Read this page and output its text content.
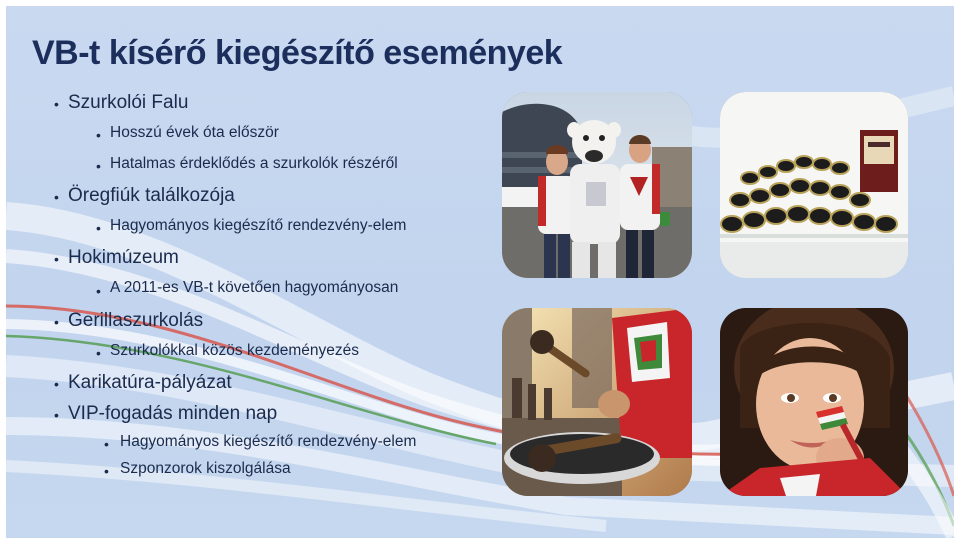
VB-t kísérő kiegészítő események
• Szurkolói Falu
• Hosszú évek óta először
• Hatalmas érdeklődés a szurkolók részéről
• Öregfiúk találkozója
• Hagyományos kiegészítő rendezvény-elem
• Hokimúzeum
• A 2011-es VB-t követően hagyományosan
• Gerillaszurkolás
• Szurkolókkal közös kezdeményezés
• Karikatúra-pályázat
• VIP-fogadás minden nap
• Hagyományos kiegészítő rendezvény-elem
• Szponzorok kiszolgálása
